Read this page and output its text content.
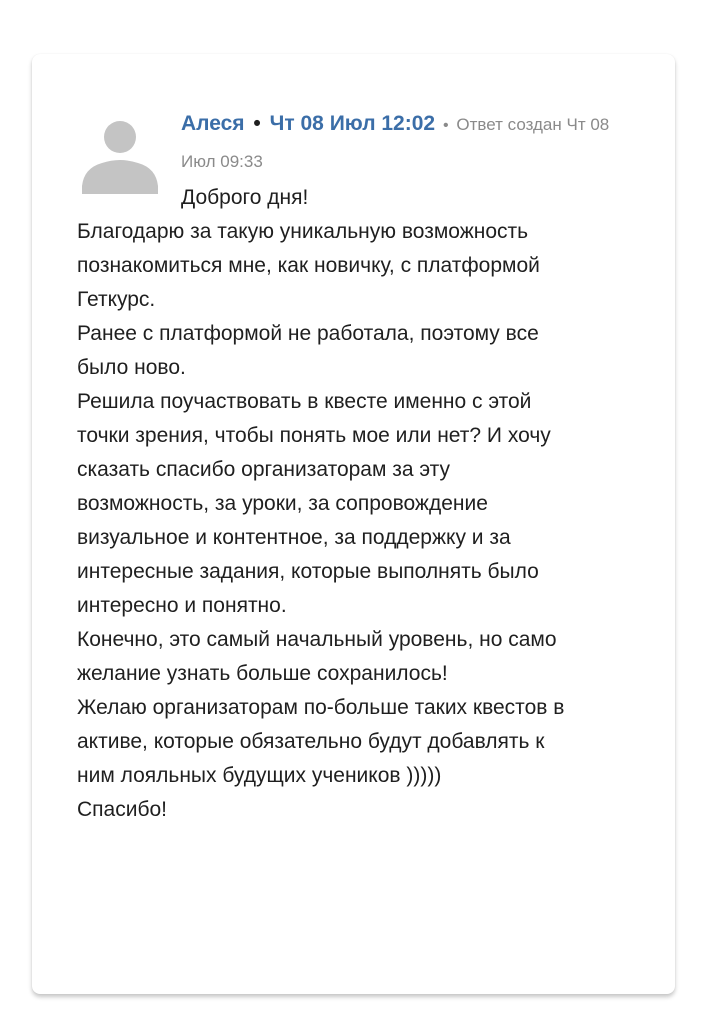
Алеся • Чт 08 Июл 12:02 • Ответ создан Чт 08 Июл 09:33
Доброго дня!
Благодарю за такую уникальную возможность
познакомиться мне, как новичку, с платформой
Геткурс.
Ранее с платформой не работала, поэтому все
было ново.
Решила поучаствовать в квесте именно с этой
точки зрения, чтобы понять мое или нет? И хочу
сказать спасибо организаторам за эту
возможность, за уроки, за сопровождение
визуальное и контентное, за поддержку и за
интересные задания, которые выполнять было
интересно и понятно.
Конечно, это самый начальный уровень, но само
желание узнать больше сохранилось!
Желаю организаторам по-больше таких квестов в
активе, которые обязательно будут добавлять к
ним лояльных будущих учеников )))))
Спасибо!
